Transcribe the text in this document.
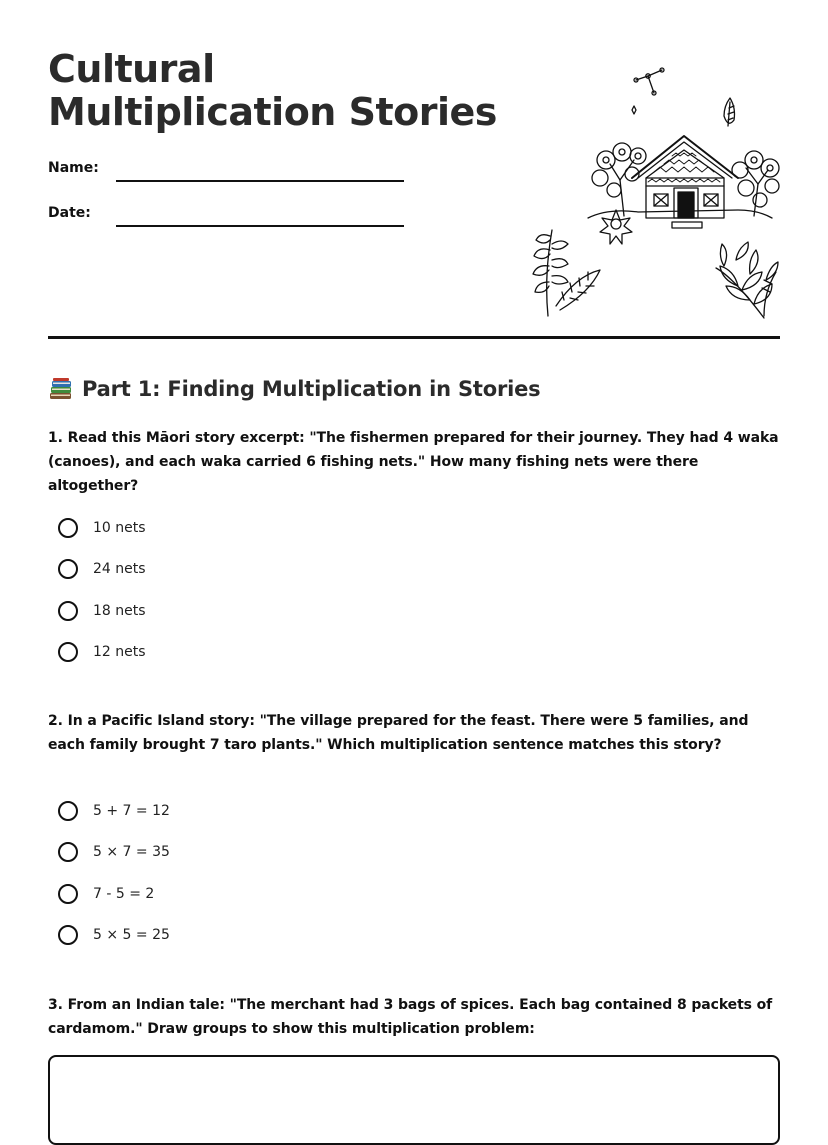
Cultural Multiplication Stories
Name:
Date:
Part 1: Finding Multiplication in Stories

1. Read this Māori story excerpt: "The fishermen prepared for their journey. They had 4 waka (canoes), and each waka carried 6 fishing nets." How many fishing nets were there altogether?

10 nets
24 nets
18 nets
12 nets

2. In a Pacific Island story: "The village prepared for the feast. There were 5 families, and each family brought 7 taro plants." Which multiplication sentence matches this story?

5 + 7 = 12
5 × 7 = 35
7 - 5 = 2
5 × 5 = 25

3. From an Indian tale: "The merchant had 3 bags of spices. Each bag contained 8 packets of cardamom." Draw groups to show this multiplication problem:
